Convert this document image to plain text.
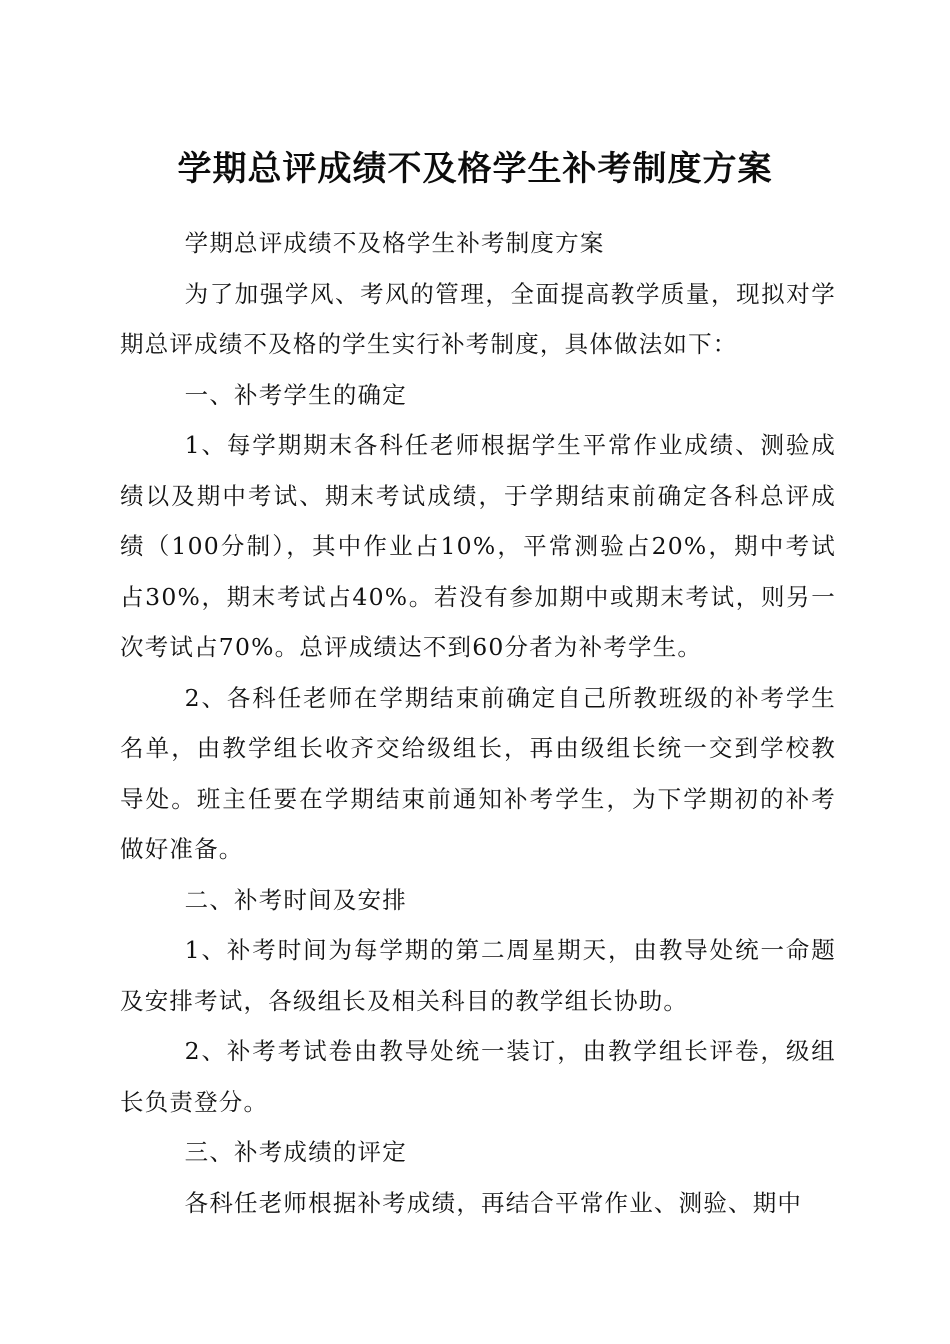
学期总评成绩不及格学生补考制度方案

学期总评成绩不及格学生补考制度方案

为了加强学风、考风的管理，全面提高教学质量，现拟对学期总评成绩不及格的学生实行补考制度，具体做法如下：

一、补考学生的确定

1、每学期期末各科任老师根据学生平常作业成绩、测验成绩以及期中考试、期末考试成绩，于学期结束前确定各科总评成绩（100分制），其中作业占10%，平常测验占20%，期中考试占30%，期末考试占40%。若没有参加期中或期末考试，则另一次考试占70%。总评成绩达不到60分者为补考学生。

2、各科任老师在学期结束前确定自己所教班级的补考学生名单，由教学组长收齐交给级组长，再由级组长统一交到学校教导处。班主任要在学期结束前通知补考学生，为下学期初的补考做好准备。

二、补考时间及安排

1、补考时间为每学期的第二周星期天，由教导处统一命题及安排考试，各级组长及相关科目的教学组长协助。

2、补考考试卷由教导处统一装订，由教学组长评卷，级组长负责登分。

三、补考成绩的评定

各科任老师根据补考成绩，再结合平常作业、测验、期中
